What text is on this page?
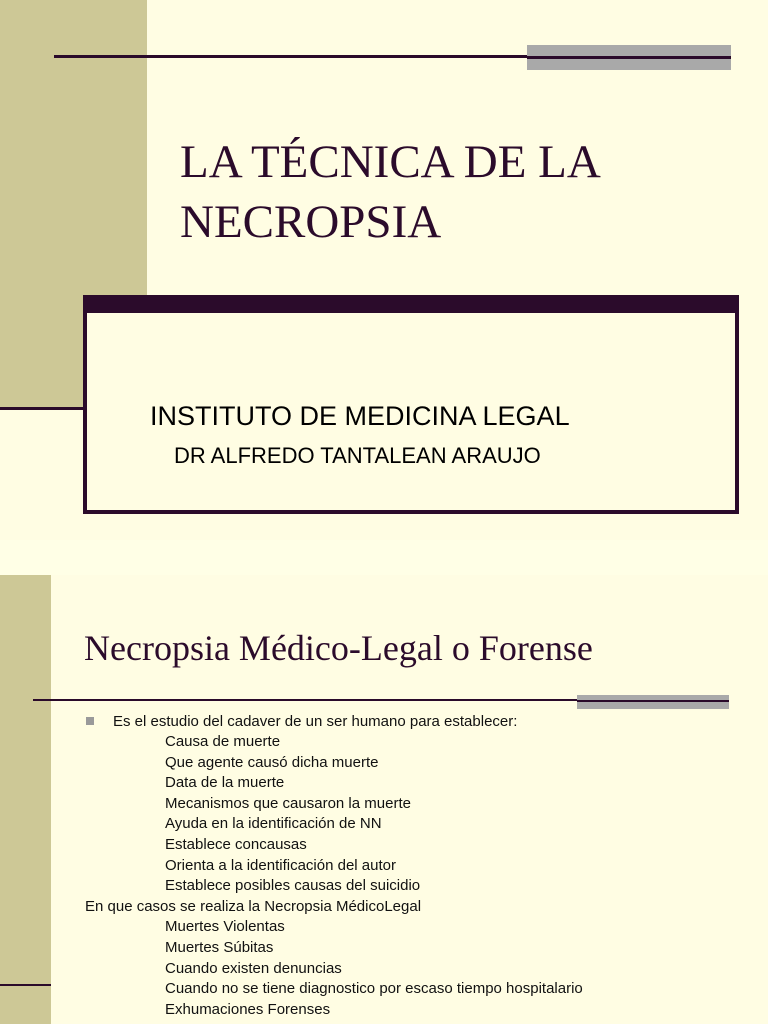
LA TÉCNICA DE LA
NECROPSIA
INSTITUTO DE MEDICINA LEGAL
DR ALFREDO TANTALEAN ARAUJO
Necropsia Médico-Legal o Forense
Es el estudio del cadaver de un ser humano para establecer:
Causa de muerte
Que agente causó dicha muerte
Data de la muerte
Mecanismos que causaron la muerte
Ayuda en la identificación de NN
Establece concausas
Orienta a la identificación del autor
Establece posibles causas del suicidio
En que casos se realiza la Necropsia MédicoLegal
Muertes Violentas
Muertes Súbitas
Cuando existen denuncias
Cuando no se tiene diagnostico por escaso tiempo hospitalario
Exhumaciones Forenses
